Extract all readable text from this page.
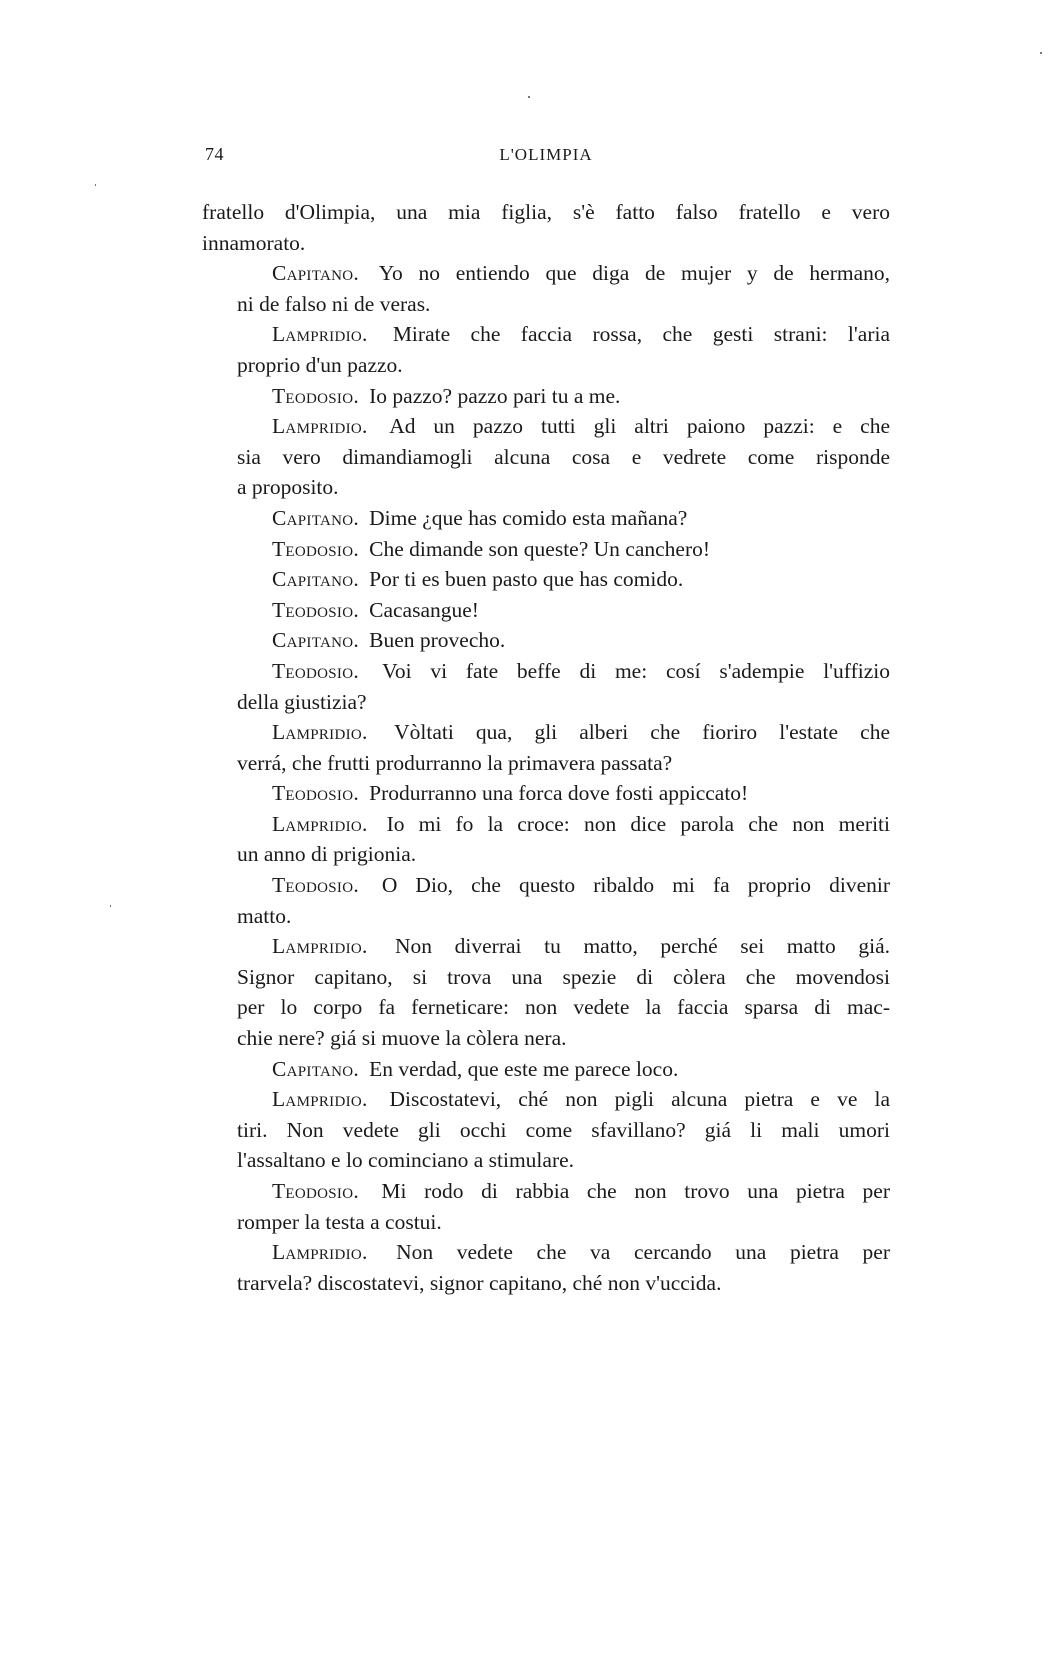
74	L'OLIMPIA
fratello d'Olimpia, una mia figlia, s'è fatto falso fratello e vero
innamorato.
Capitano. Yo no entiendo que diga de mujer y de hermano,
ni de falso ni de veras.
Lampridio. Mirate che faccia rossa, che gesti strani: l'aria
proprio d'un pazzo.
Teodosio. Io pazzo? pazzo pari tu a me.
Lampridio. Ad un pazzo tutti gli altri paiono pazzi: e che
sia vero dimandiamogli alcuna cosa e vedrete come risponde
a proposito.
Capitano. Dime ¿que has comido esta mañana?
Teodosio. Che dimande son queste? Un canchero!
Capitano. Por ti es buen pasto que has comido.
Teodosio. Cacasangue!
Capitano. Buen provecho.
Teodosio. Voi vi fate beffe di me: cosí s'adempie l'uffizio
della giustizia?
Lampridio. Vòltati qua, gli alberi che fioriro l'estate che
verrá, che frutti produrranno la primavera passata?
Teodosio. Produrranno una forca dove fosti appiccato!
Lampridio. Io mi fo la croce: non dice parola che non meriti
un anno di prigionia.
Teodosio. O Dio, che questo ribaldo mi fa proprio divenir
matto.
Lampridio. Non diverrai tu matto, perché sei matto giá.
Signor capitano, si trova una spezie di còlera che movendosi
per lo corpo fa ferneticare: non vedete la faccia sparsa di mac-
chie nere? giá si muove la còlera nera.
Capitano. En verdad, que este me parece loco.
Lampridio. Discostatevi, ché non pigli alcuna pietra e ve la
tiri. Non vedete gli occhi come sfavillano? giá li mali umori
l'assaltano e lo cominciano a stimulare.
Teodosio. Mi rodo di rabbia che non trovo una pietra per
romper la testa a costui.
Lampridio. Non vedete che va cercando una pietra per
trarvela? discostatevi, signor capitano, ché non v'uccida.
